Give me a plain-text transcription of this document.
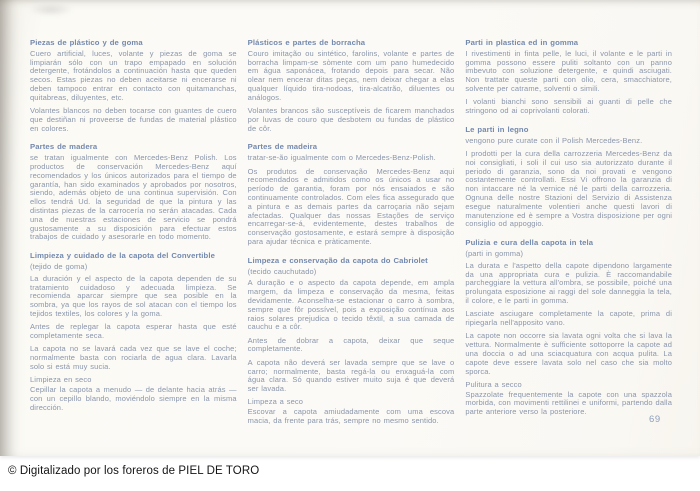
Piezas de plástico y de goma
Cuero artificial, luces, volante y piezas de goma se limpiarán sólo con un trapo empapado en solución detergente, frotándolos a continuación hasta que queden secos. Estas piezas no deben aceitarse ni encerarse ni deben tampoco entrar en contacto con quitamanchas, quitabreas, diluyentes, etc.
Volantes blancos no deben tocarse con guantes de cuero que destiñan ni proveerse de fundas de material plástico en colores.
Partes de madera
se tratan igualmente con Mercedes-Benz Polish. Los productos de conservación Mercedes-Benz aquí recomendados y los únicos autorizados para el tiempo de garantía, han sido examinados y aprobados por nosotros, siendo, además objeto de una continua supervisión. Con ellos tendrá Ud. la seguridad de que la pintura y las distintas piezas de la carrocería no serán atacadas. Cada una de nuestras estaciones de servicio se pondrá gustosamente a su disposición para efectuar estos trabajos de cuidado y asesorarle en todo momento.
Limpieza y cuidado de la capota del Convertible
(tejido de goma)
La duración y el aspecto de la capota dependen de su tratamiento cuidadoso y adecuada limpieza. Se recomienda aparcar siempre que sea posible en la sombra, ya que los rayos de sol atacan con el tiempo los tejidos textiles, los colores y la goma.
Antes de replegar la capota esperar hasta que esté completamente seca.
La capota no se lavará cada vez que se lave el coche; normalmente basta con rociarla de agua clara. Lavarla solo si está muy sucia.
Limpieza en seco
Cepillar la capota a menudo — de delante hacia atrás — con un cepillo blando, moviéndolo siempre en la misma dirección.
Plásticos e partes de borracha
Couro imitação ou sintético, farolins, volante e partes de borracha limpam-se sòmente com um pano humedecido em água saponácea, frotando depois para secar. Não olear nem encerar ditas peças, nem deixar chegar a elas qualquer líquido tira-nodoas, tira-alcatrão, diluentes ou análogos.
Volantes brancos são susceptíveis de ficarem manchados por luvas de couro que desbotem ou fundas de plástico de côr.
Partes de madeira
tratar-se-ão igualmente com o Mercedes-Benz-Polish.
Os produtos de conservação Mercedes-Benz aqui recomendados e admitidos como os únicos a usar no período de garantia, foram por nós ensaiados e são continuamente controlados. Com eles fica assegurado que a pintura e as demais partes da carroçaria não sejam afectadas. Qualquer das nossas Estações de serviço encarregar-se-á, evidentemente, destes trabalhos de conservação gostosamente, e estará sempre à disposição para ajudar técnica e pràticamente.
Limpeza e conservação da capota do Cabriolet
(tecido cauchutado)
A duração e o aspecto da capota depende, em ampla margem, da limpeza e conservação da mesma, feitas devidamente. Aconselha-se estacionar o carro à sombra, sempre que fôr possível, pois a exposição contínua aos raios solares prejudica o tecido têxtil, a sua camada de cauchu e a côr.
Antes de dobrar a capota, deixar que seque completamente.
A capota não deverá ser lavada sempre que se lave o carro; normalmente, basta regá-la ou enxaguá-la com água clara. Só quando estiver muito suja é que deverá ser lavada.
Limpeza a seco
Escovar a capota amiudadamente com uma escova macia, da frente para trás, sempre no mesmo sentido.
Parti in plastica ed in gomma
I rivestimenti in finta pelle, le luci, il volante e le parti in gomma possono essere puliti soltanto con un panno imbevuto con soluzione detergente, e quindi asciugati. Non trattate queste parti con olio, cera, smacchiatore, solvente per catrame, solventi o simili.
I volanti bianchi sono sensibili ai guanti di pelle che stringono od ai coprivolanti colorati.
Le parti in legno
vengono pure curate con il Polish Mercedes-Benz.
I prodotti per la cura della carrozzeria Mercedes-Benz da noi consigliati, i soli il cui uso sia autorizzato durante il periodo di garanzia, sono da noi provati e vengono costantemente controllati. Essi Vi offrono la garanzia di non intaccare né la vernice né le parti della carrozzeria. Ognuna delle nostre Stazioni del Servizio di Assistenza esegue naturalmente volentieri anche questi lavori di manutenzione ed è sempre a Vostra disposizione per ogni consiglio od appoggio.
Pulizia e cura della capota in tela
(parti in gomma)
La durata e l'aspetto della capote dipendono largamente da una appropriata cura e pulizia. È raccomandabile parcheggiare la vettura all'ombra, se possibile, poiché una prolungata esposizione ai raggi del sole danneggia la tela, il colore, e le parti in gomma.
Lasciate asciugare completamente la capote, prima di ripiegarla nell'apposito vano.
La capote non occorre sia lavata ogni volta che si lava la vettura. Normalmente è sufficiente sottoporre la capote ad una doccia o ad una sciacquatura con acqua pulita. La capote deve essere lavata solo nel caso che sia molto sporca.
Pulitura a secco
Spazzolate frequentemente la capote con una spazzola morbida, con movimenti rettilinei e uniformi, partendo dalla parte anteriore verso la posteriore.
69
© Digitalizado por los foreros de PIEL DE TORO
